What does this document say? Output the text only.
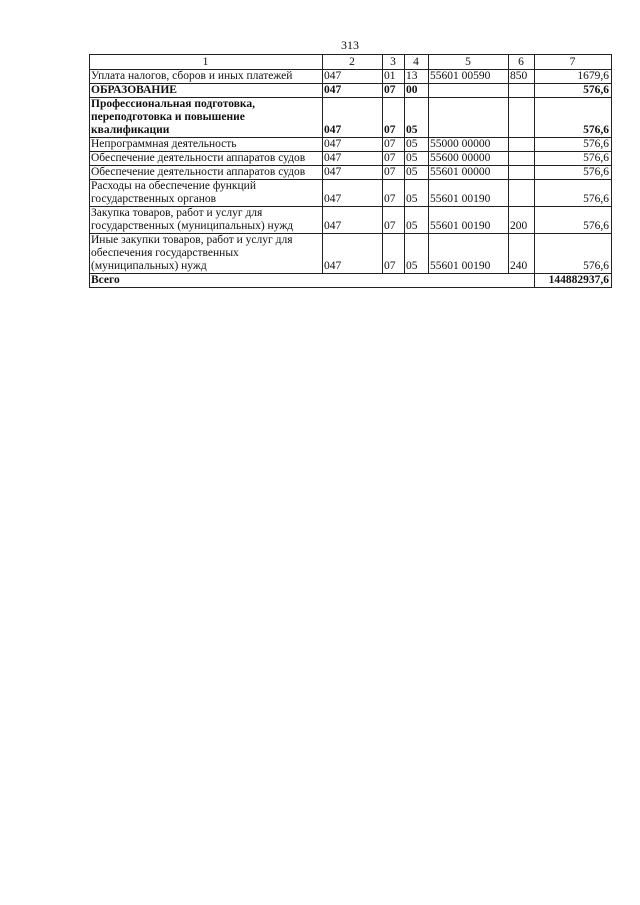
313
1	2	3	4	5	6	7
Уплата налогов, сборов и иных платежей	047	01	13	55601 00590	850	1679,6
ОБРАЗОВАНИЕ	047	07	00			576,6
Профессиональная подготовка, переподготовка и повышение квалификации	047	07	05			576,6
Непрограммная деятельность	047	07	05	55000 00000		576,6
Обеспечение деятельности аппаратов судов	047	07	05	55600 00000		576,6
Обеспечение деятельности аппаратов судов	047	07	05	55601 00000		576,6
Расходы на обеспечение функций государственных органов	047	07	05	55601 00190		576,6
Закупка товаров, работ и услуг для государственных (муниципальных) нужд	047	07	05	55601 00190	200	576,6
Иные закупки товаров, работ и услуг для обеспечения государственных (муниципальных) нужд	047	07	05	55601 00190	240	576,6
Всего						144882937,6
